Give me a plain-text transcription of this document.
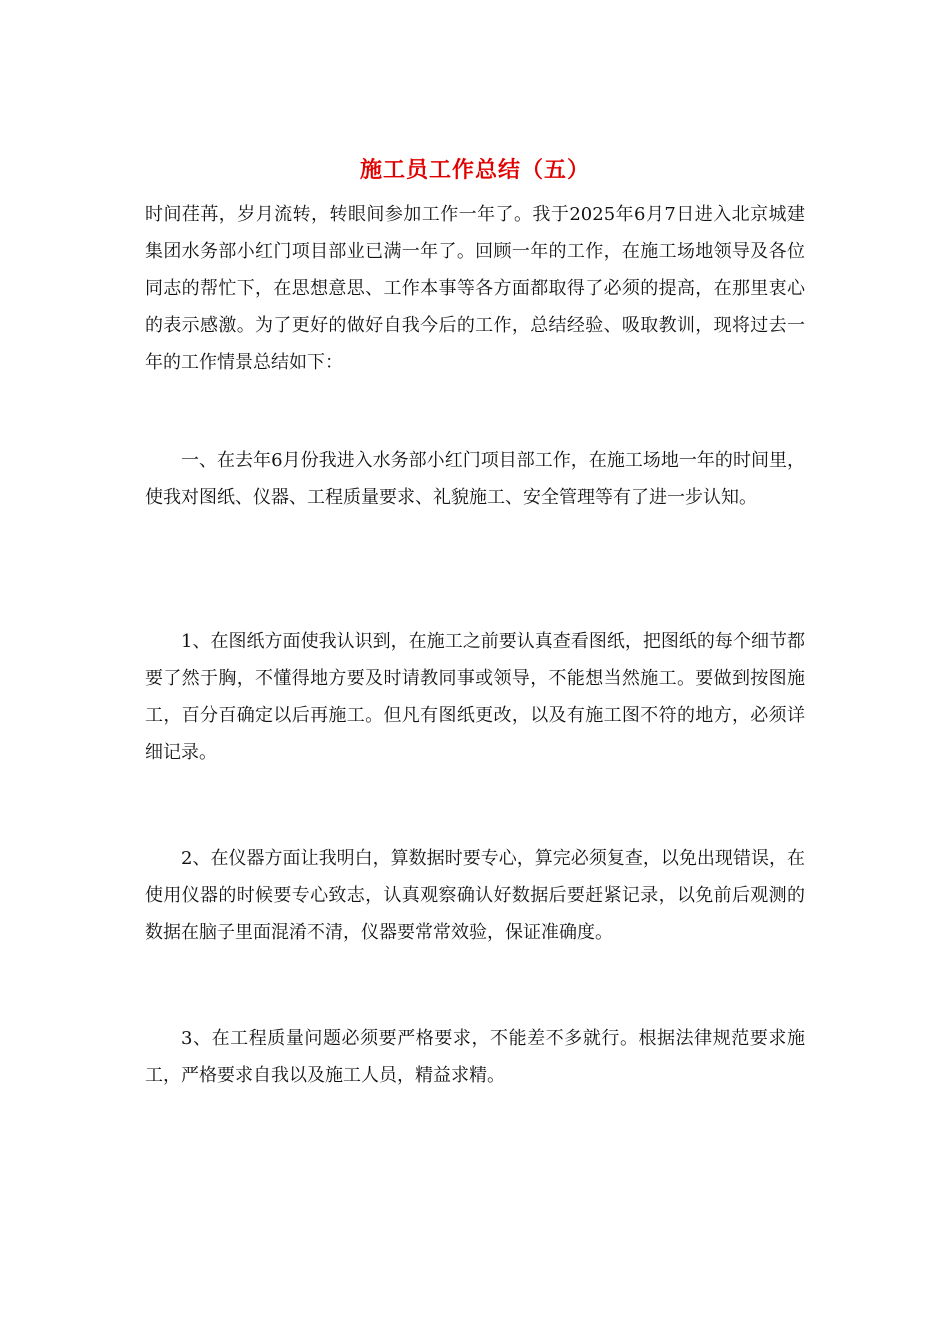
施工员工作总结（五）

时间荏苒，岁月流转，转眼间参加工作一年了。我于2025年6月7日进入北京城建集团水务部小红门项目部业已满一年了。回顾一年的工作，在施工场地领导及各位同志的帮忙下，在思想意思、工作本事等各方面都取得了必须的提高，在那里衷心的表示感激。为了更好的做好自我今后的工作，总结经验、吸取教训，现将过去一年的工作情景总结如下：

一、在去年6月份我进入水务部小红门项目部工作，在施工场地一年的时间里，使我对图纸、仪器、工程质量要求、礼貌施工、安全管理等有了进一步认知。

1、在图纸方面使我认识到，在施工之前要认真查看图纸，把图纸的每个细节都要了然于胸，不懂得地方要及时请教同事或领导，不能想当然施工。要做到按图施工，百分百确定以后再施工。但凡有图纸更改，以及有施工图不符的地方，必须详细记录。

2、在仪器方面让我明白，算数据时要专心，算完必须复查，以免出现错误，在使用仪器的时候要专心致志，认真观察确认好数据后要赶紧记录，以免前后观测的数据在脑子里面混淆不清，仪器要常常效验，保证准确度。

3、在工程质量问题必须要严格要求，不能差不多就行。根据法律规范要求施工，严格要求自我以及施工人员，精益求精。
